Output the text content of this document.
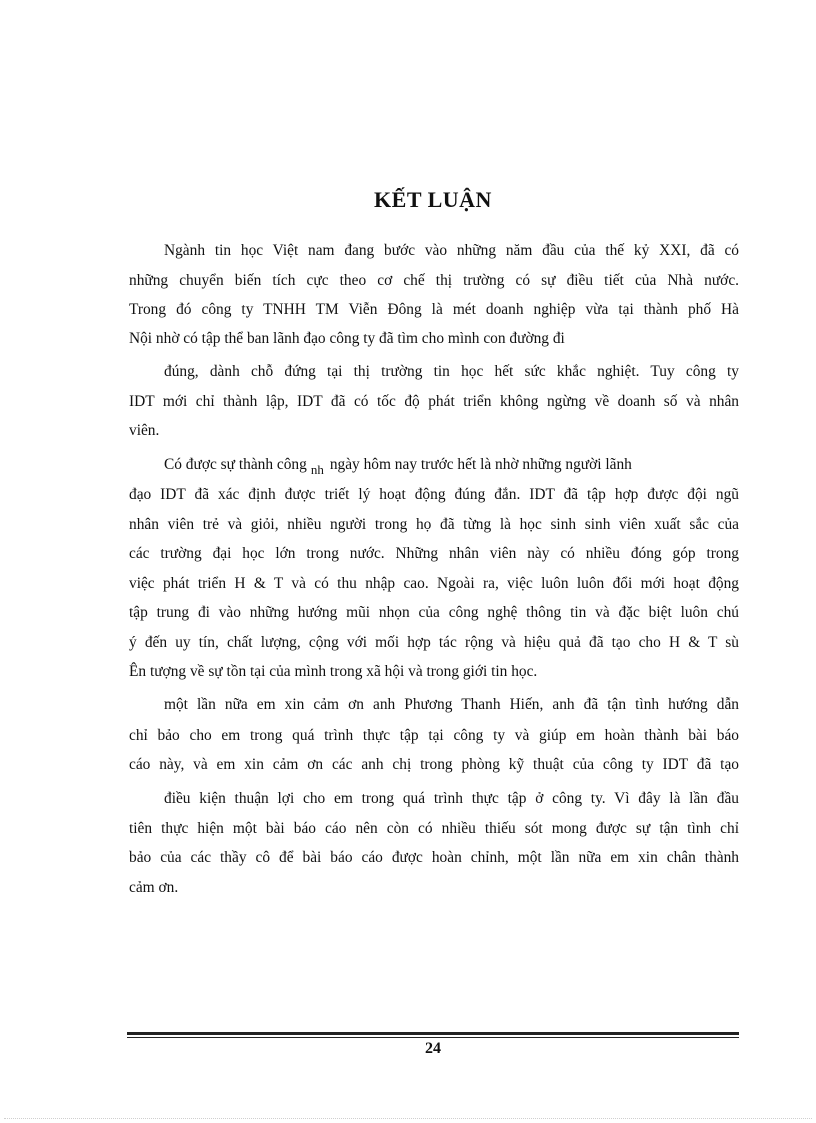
KẾT LUẬN
Ngành tin học Việt nam đang bước vào những năm đầu của thế kỷ XXI, đã có
những chuyển biến tích cực theo cơ chế thị trường có sự điều tiết của Nhà nước.
Trong đó công ty TNHH TM Viễn Đông là mét doanh nghiệp vừa tại thành phố Hà
Nội nhờ có tập thể ban lãnh đạo công ty đã tìm cho mình con đường đi
đúng, dành chỗ đứng tại thị trường tin học hết sức khắc nghiệt. Tuy công ty
IDT mới chỉ thành lập, IDT đã có tốc độ phát triển không ngừng về doanh số và nhân
viên.
Có được sự thành công $_{nh}$ ngày hôm nay trước hết là nhờ những người lãnh
đạo IDT đã xác định được triết lý hoạt động đúng đắn. IDT đã tập hợp được đội ngũ
nhân viên trẻ và giỏi, nhiều người trong họ đã từng là học sinh sinh viên xuất sắc của
các trường đại học lớn trong nước. Những nhân viên này có nhiều đóng góp trong
việc phát triển H & T và có thu nhập cao. Ngoài ra, việc luôn luôn đổi mới hoạt động
tập trung đi vào những hướng mũi nhọn của công nghệ thông tin và đặc biệt luôn chú
ý đến uy tín, chất lượng, cộng với mối hợp tác rộng và hiệu quả đã tạo cho H & T sù
Ên tượng về sự tồn tại của mình trong xã hội và trong giới tin học.
một lần nữa em xin cảm ơn anh Phương Thanh Hiến, anh đã tận tình hướng dẫn
chỉ bảo cho em trong quá trình thực tập tại công ty và giúp em hoàn thành bài báo
cáo này, và em xin cảm ơn các anh chị trong phòng kỹ thuật của công ty IDT đã tạo
điều kiện thuận lợi cho em trong quá trình thực tập ở công ty. Vì đây là lần đầu
tiên thực hiện một bài báo cáo nên còn có nhiều thiếu sót mong được sự tận tình chỉ
bảo của các thầy cô để bài báo cáo được hoàn chỉnh, một lần nữa em xin chân thành
cảm ơn.
24
